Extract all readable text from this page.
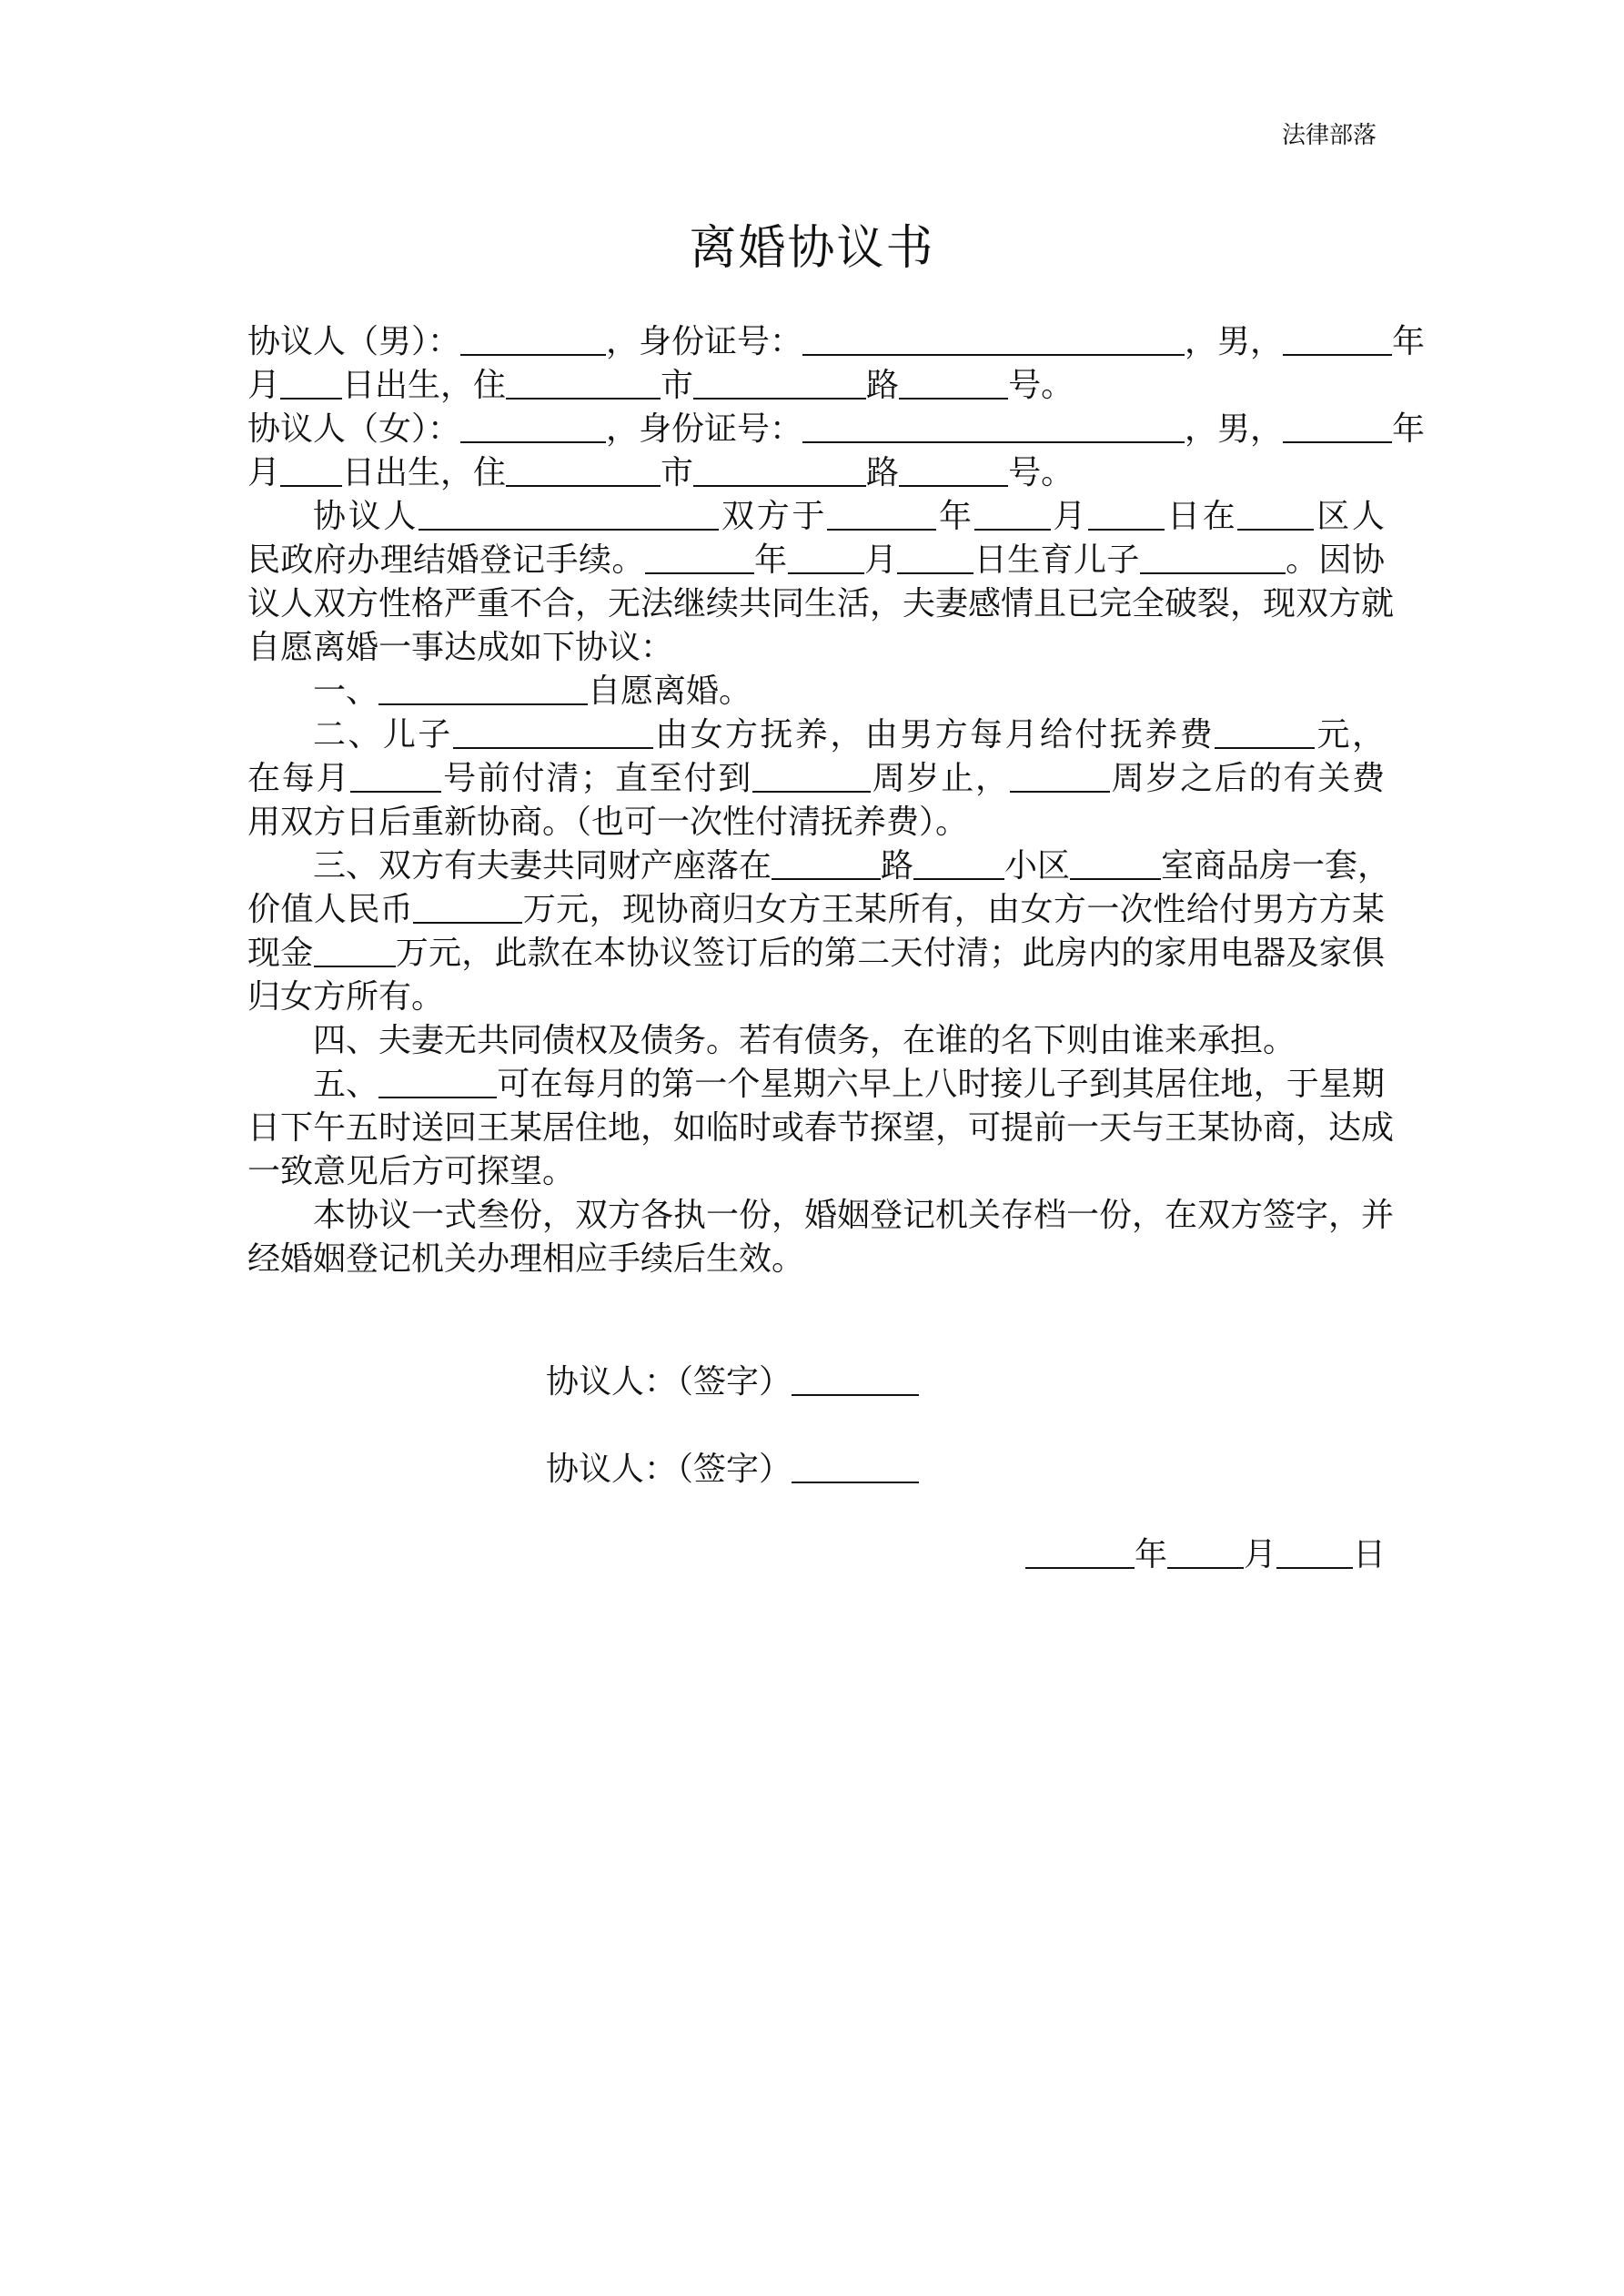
法律部落
离婚协议书
协议人（男）：	，身份证号：	，男，	年
月 日出生，住	市	路	号。
协议人（女）：	，身份证号：	，男，	年
月 日出生，住	市	路	号。
协议人	双方于	年 月 日在 区人
民政府办理结婚登记手续。	年 月 日生育儿子	。因协
议人双方性格严重不合，无法继续共同生活，夫妻感情且已完全破裂，现双方就
自愿离婚一事达成如下协议：
一、	自愿离婚。
二、儿子	由女方抚养，由男方每月给付抚养费	元，
在每月	号前付清；直至付到	周岁止，	周岁之后的有关费
用双方日后重新协商。（也可一次性付清抚养费）。
三、双方有夫妻共同财产座落在	路	小区	室商品房一套，
价值人民币	万元，现协商归女方王某所有，由女方一次性给付男方方某
现金	万元，此款在本协议签订后的第二天付清；此房内的家用电器及家俱
归女方所有。
四、夫妻无共同债权及债务。若有债务，在谁的名下则由谁来承担。
五、	可在每月的第一个星期六早上八时接儿子到其居住地，于星期
日下午五时送回王某居住地，如临时或春节探望，可提前一天与王某协商，达成
一致意见后方可探望。
本协议一式叁份，双方各执一份，婚姻登记机关存档一份，在双方签字，并
经婚姻登记机关办理相应手续后生效。
协议人：（签字）
协议人：（签字）
年 月 日
